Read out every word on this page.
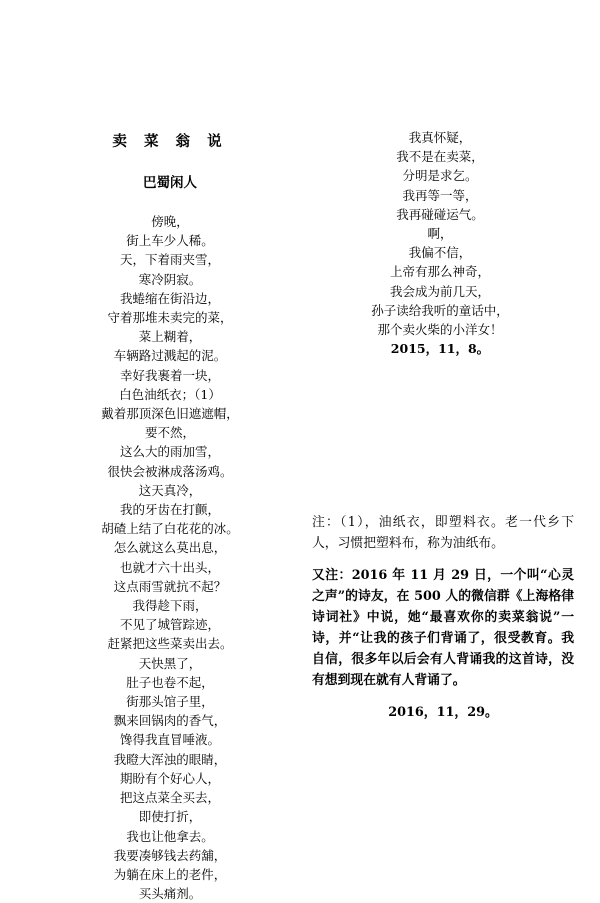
卖 菜 翁 说
巴蜀闲人
傍晚，
街上车少人稀。
天，下着雨夹雪，
寒冷阴寂。
我蜷缩在街沿边，
守着那堆未卖完的菜，
菜上糊着，
车辆路过溅起的泥。
幸好我裹着一块，
白色油纸衣；（1）
戴着那顶深色旧遮遮帽，
要不然，
这么大的雨加雪，
很快会被淋成落汤鸡。
这天真冷，
我的牙齿在打颤，
胡碴上结了白花花的冰。
怎么就这么莫出息，
也就才六十出头，
这点雨雪就抗不起？
我得趁下雨，
不见了城管踪迹，
赶紧把这些菜卖出去。
天快黑了，
肚子也卷不起，
街那头馆子里，
飘来回锅肉的香气，
馋得我直冒唾液。
我瞪大浑浊的眼睛，
期盼有个好心人，
把这点菜全买去，
即使打折，
我也让他拿去。
我要凑够钱去药舖，
为躺在床上的老件，
买头痛剂。
我真怀疑，
我不是在卖菜，
分明是求乞。
我再等一等，
我再碰碰运气。
啊，
我偏不信，
上帝有那么神奇，
我会成为前几天，
孙子读给我听的童话中，
那个卖火柴的小洋女！
2015，11，8。
注：（1），油纸衣，即塑料衣。老一代乡下人，习惯把塑料布，称为油纸布。
又注：2016 年 11 月 29 日，一个叫“心灵之声”的诗友，在 500 人的微信群《上海格律诗词社》中说，她“最喜欢你的卖菜翁说”一诗，并“让我的孩子们背诵了，很受教育。我自信，很多年以后会有人背诵我的这首诗，没有想到现在就有人背诵了。
2016，11，29。
